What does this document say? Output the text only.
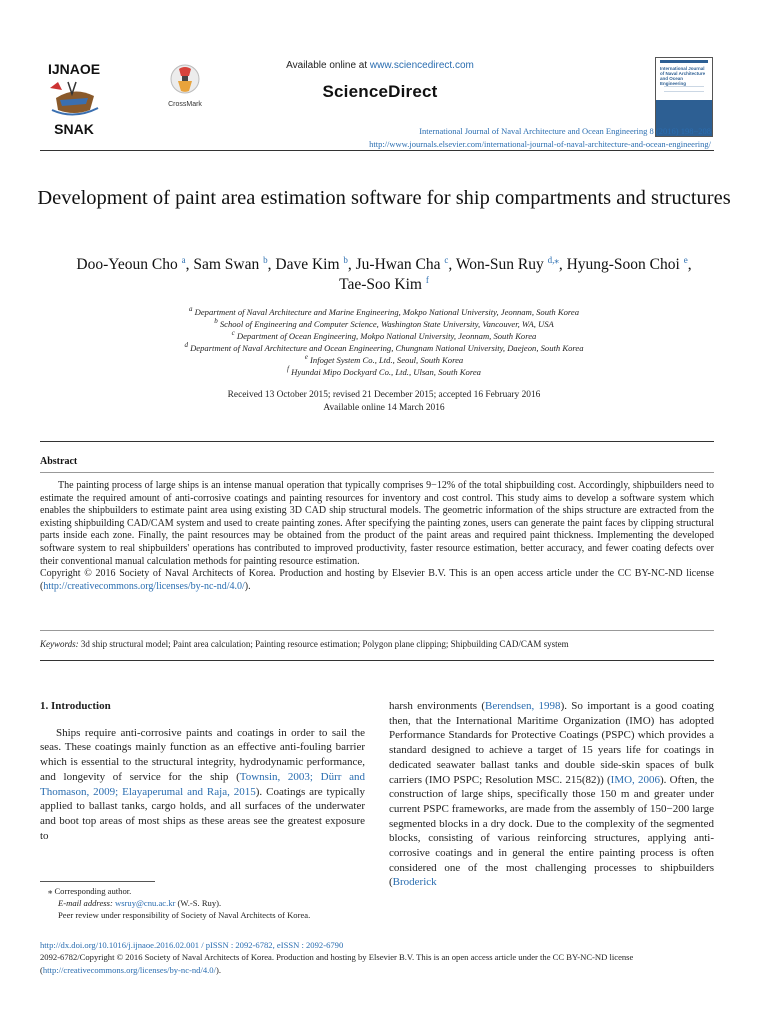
IJNAOE
SNAK
CrossMark
Available online at www.sciencedirect.com
ScienceDirect
International Journal of Naval Architecture and Ocean Engineering
International Journal of Naval Architecture and Ocean Engineering 8 (2016) 198−208
http://www.journals.elsevier.com/international-journal-of-naval-architecture-and-ocean-engineering/
Development of paint area estimation software for ship compartments and structures
Doo-Yeoun Cho $^a$, Sam Swan $^b$, Dave Kim $^b$, Ju-Hwan Cha $^c$, Won-Sun Ruy $^{d,⁎}$, Hyung-Soon Choi $^e$,
Tae-Soo Kim $^f$
$^a$ Department of Naval Architecture and Marine Engineering, Mokpo National University, Jeonnam, South Korea
$^b$ School of Engineering and Computer Science, Washington State University, Vancouver, WA, USA
$^c$ Department of Ocean Engineering, Mokpo National University, Jeonnam, South Korea
$^d$ Department of Naval Architecture and Ocean Engineering, Chungnam National University, Daejeon, South Korea
$^e$ Infoget System Co., Ltd., Seoul, South Korea
$^f$ Hyundai Mipo Dockyard Co., Ltd., Ulsan, South Korea
Received 13 October 2015; revised 21 December 2015; accepted 16 February 2016
Available online 14 March 2016
Abstract

The painting process of large ships is an intense manual operation that typically comprises 9−12% of the total shipbuilding cost. Accordingly, shipbuilders need to estimate the required amount of anti-corrosive coatings and painting resources for inventory and cost control. This study aims to develop a software system which enables the shipbuilders to estimate paint area using existing 3D CAD ship structural models. The geometric information of the ships structure are extracted from the existing shipbuilding CAD/CAM system and used to create painting zones. After specifying the painting zones, users can generate the paint faces by clipping structural parts inside each zone. Finally, the paint resources may be obtained from the product of the paint areas and required paint thickness. Implementing the developed software system to real shipbuilders' operations has contributed to improved productivity, faster resource estimation, better accuracy, and fewer coating defects over their conventional manual calculation methods for painting resource estimation.

Copyright © 2016 Society of Naval Architects of Korea. Production and hosting by Elsevier B.V. This is an open access article under the CC BY-NC-ND license (http://creativecommons.org/licenses/by-nc-nd/4.0/).

Keywords: 3d ship structural model; Paint area calculation; Painting resource estimation; Polygon plane clipping; Shipbuilding CAD/CAM system

1. Introduction

Ships require anti-corrosive paints and coatings in order to sail the seas. These coatings mainly function as an effective anti-fouling barrier which is essential to the structural integrity, hydrodynamic performance, and longevity of service for the ship (Townsin, 2003; Dürr and Thomason, 2009; Elayaperumal and Raja, 2015). Coatings are typically applied to ballast tanks, cargo holds, and all surfaces of the underwater and boot top areas of most ships as these areas see the greatest exposure to

harsh environments (Berendsen, 1998). So important is a good coating then, that the International Maritime Organization (IMO) has adopted Performance Standards for Protective Coatings (PSPC) which provides a standard designed to achieve a target of 15 years life for coatings in dedicated seawater ballast tanks and double side-skin spaces of bulk carriers (IMO PSPC; Resolution MSC. 215(82)) (IMO, 2006). Often, the construction of large ships, specifically those 150 m and greater under current PSPC frameworks, are made from the assembly of 150−200 large segmented blocks in a dry dock. Due to the complexity of the segmented blocks, consisting of various reinforcing structures, applying anti-corrosive coatings and in general the entire painting process is often considered one of the most challenging processes to shipbuilders (Broderick

⁎ Corresponding author.
E-mail address: wsruy@cnu.ac.kr (W.-S. Ruy).
Peer review under responsibility of Society of Naval Architects of Korea.
http://dx.doi.org/10.1016/j.ijnaoe.2016.02.001 / pISSN : 2092-6782, eISSN : 2092-6790
2092-6782/Copyright © 2016 Society of Naval Architects of Korea. Production and hosting by Elsevier B.V. This is an open access article under the CC BY-NC-ND license (http://creativecommons.org/licenses/by-nc-nd/4.0/).
